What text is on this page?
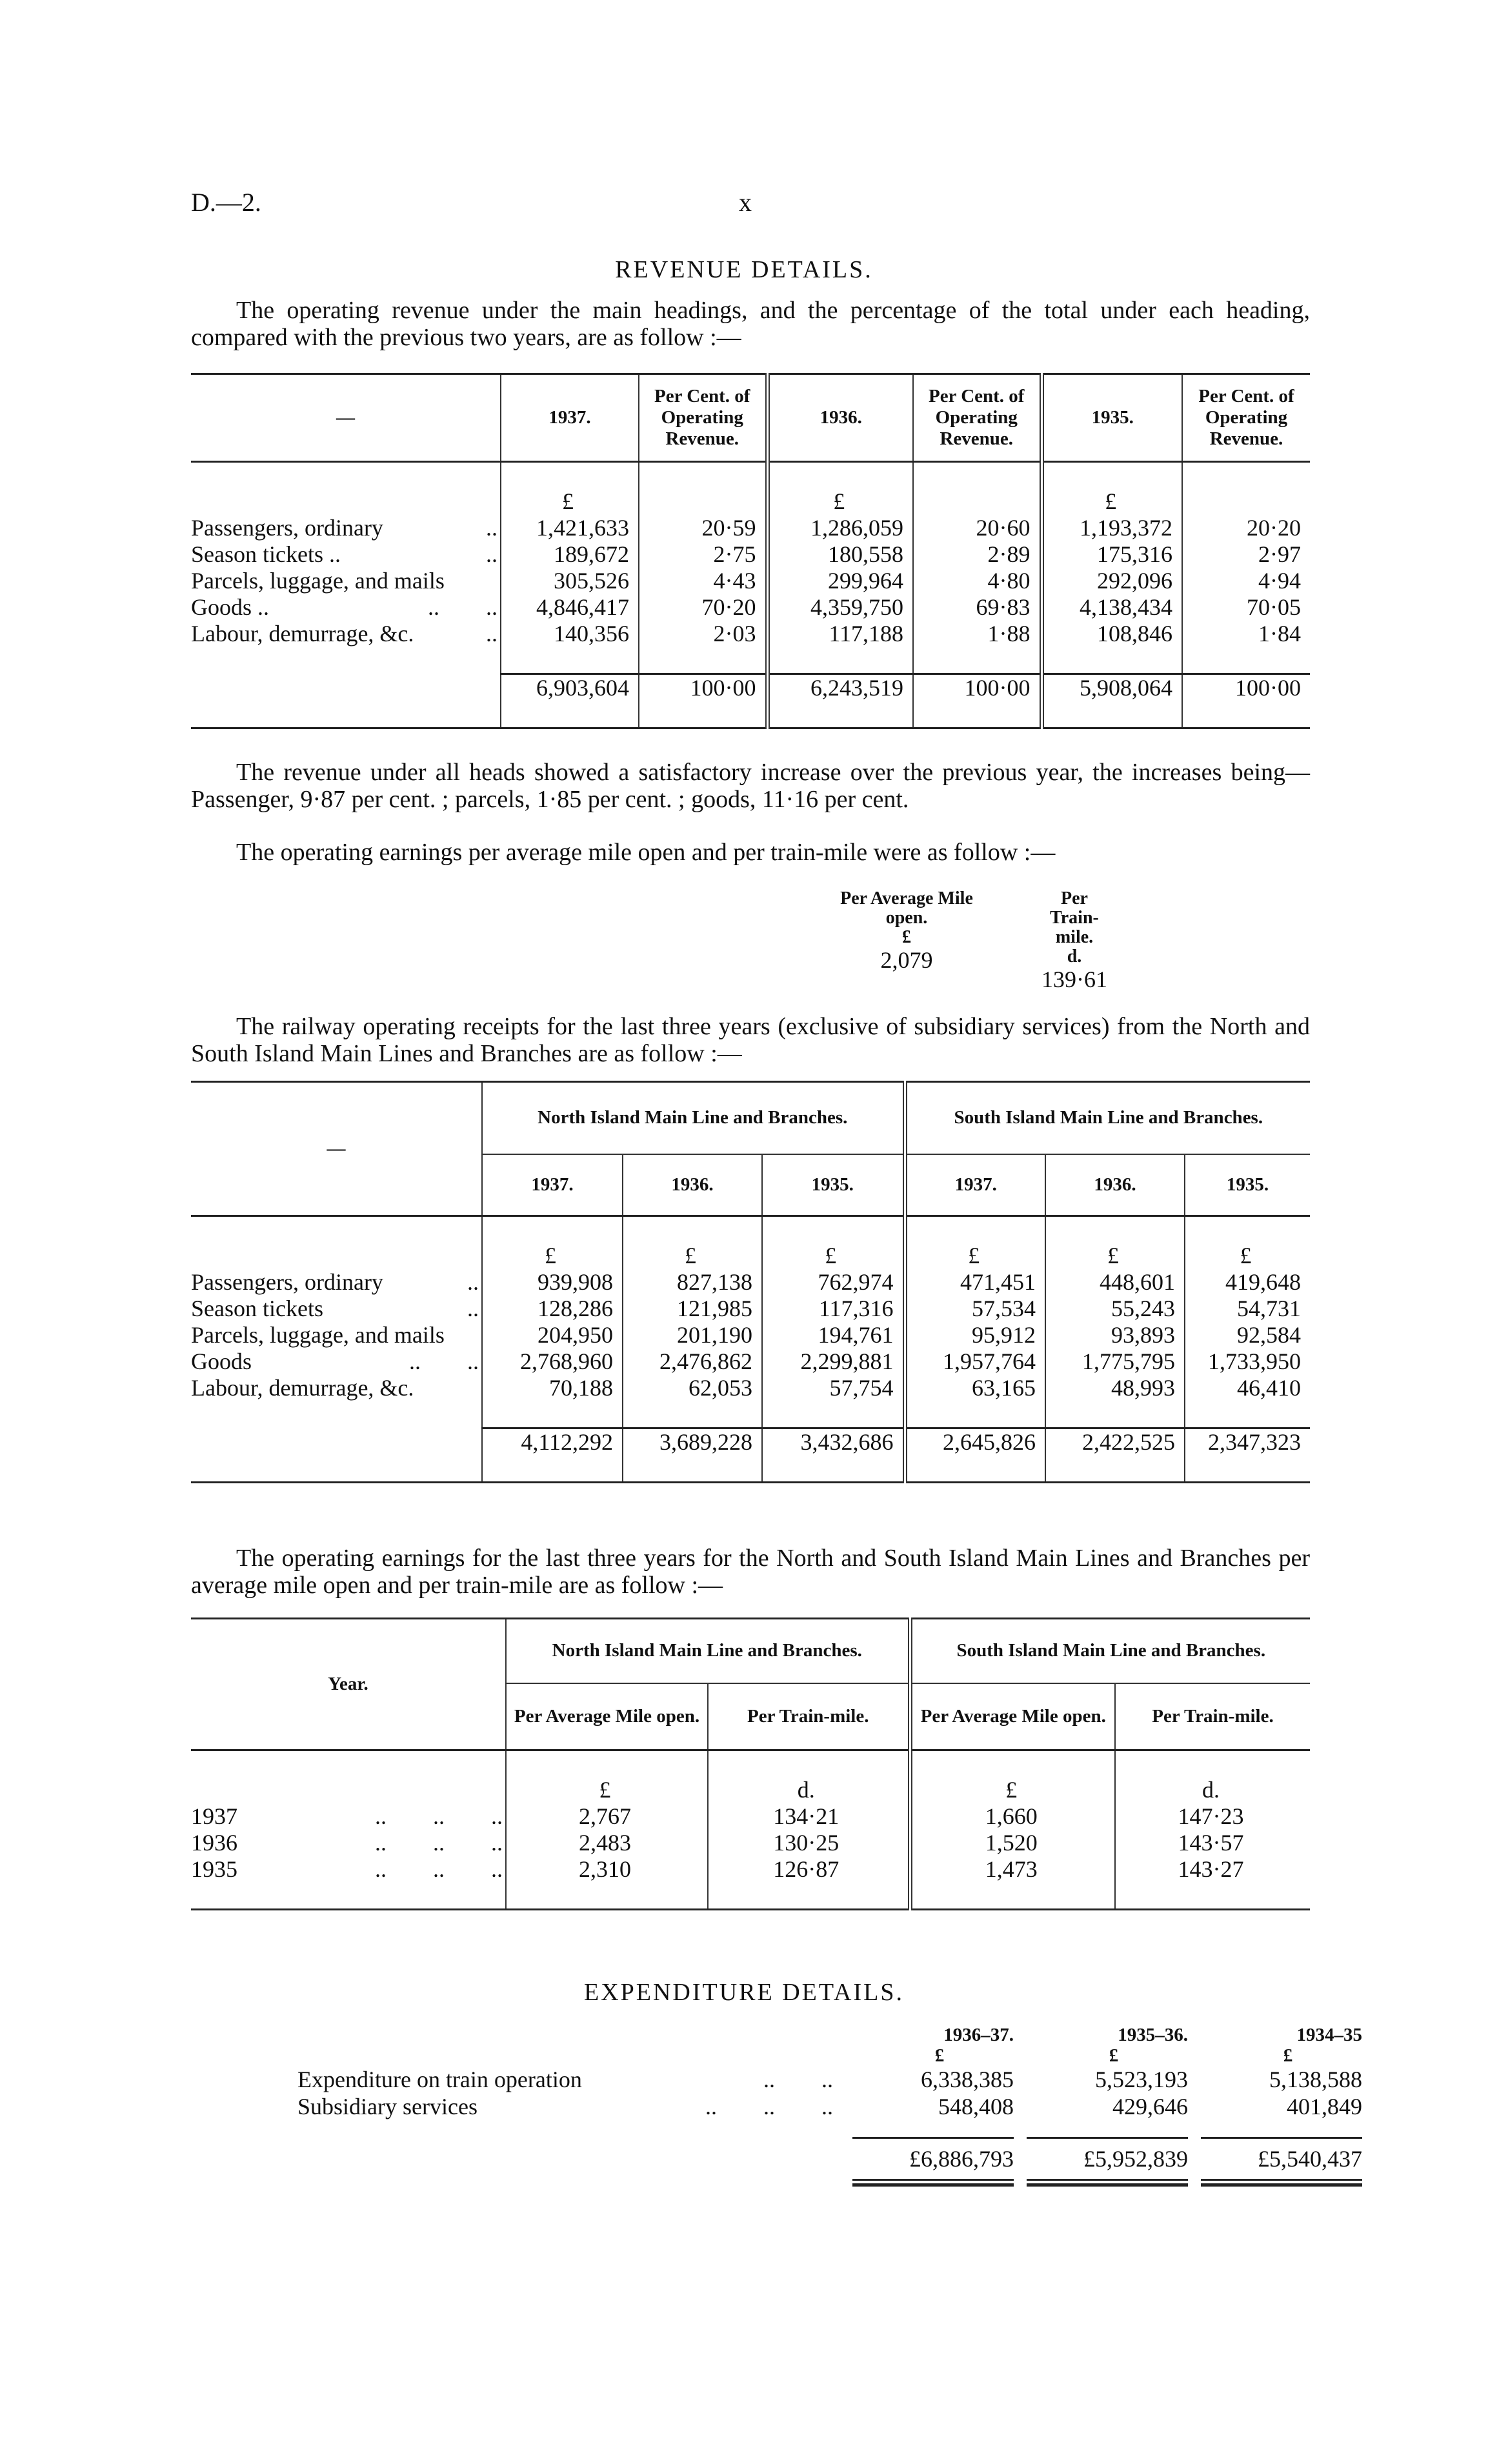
D.—2.	x
REVENUE DETAILS.
The operating revenue under the main headings, and the percentage of the total under each heading, compared with the previous two years, are as follow :—
—	1937.	Per Cent. of Operating Revenue.	1936.	Per Cent. of Operating Revenue.	1935.	Per Cent. of Operating Revenue.

	£		£		£	

Passengers, ordinary ..	1,421,633	20·59	1,286,059	20·60	1,193,372	20·20

Season tickets .. ..	189,672	2·75	180,558	2·89	175,316	2·97

Parcels, luggage, and mails	305,526	4·43	299,964	4·80	292,096	4·94

Goods .. ..        ..	4,846,417	70·20	4,359,750	69·83	4,138,434	70·05

Labour, demurrage, &c. ..	140,356	2·03	117,188	1·88	108,846	1·84

	6,903,604	100·00	6,243,519	100·00	5,908,064	100·00

The revenue under all heads showed a satisfactory increase over the previous year, the increases being—Passenger, 9·87 per cent. ; parcels, 1·85 per cent. ; goods, 11·16 per cent.
The operating earnings per average mile open and per train-mile were as follow :—
Per Average Mile open.
£
2,079
Per Train-mile.
d.
139·61
The railway operating receipts for the last three years (exclusive of subsidiary services) from the North and South Island Main Lines and Branches are as follow :—
—	North Island Main Line and Branches.			South Island Main Line and Branches.		
	1937.	1936.	1935.	1937.	1936.	1935.

	£	£	£	£	£	£

Passengers, ordinary ..	939,908	827,138	762,974	471,451	448,601	419,648

Season tickets ..	128,286	121,985	117,316	57,534	55,243	54,731

Parcels, luggage, and mails	204,950	201,190	194,761	95,912	93,893	92,584

Goods ..        ..	2,768,960	2,476,862	2,299,881	1,957,764	1,775,795	1,733,950

Labour, demurrage, &c.	70,188	62,053	57,754	63,165	48,993	46,410

	4,112,292	3,689,228	3,432,686	2,645,826	2,422,525	2,347,323

The operating earnings for the last three years for the North and South Island Main Lines and Branches per average mile open and per train-mile are as follow :—
Year.	North Island Main Line and Branches.		South Island Main Line and Branches.	
	Per Average Mile open.	Per Train-mile.	Per Average Mile open.	Per Train-mile.

	£	d.	£	d.

1937 ..        ..        ..	2,767	134·21	1,660	147·23

1936 ..        ..        ..	2,483	130·25	1,520	143·57

1935 ..        ..        ..	2,310	126·87	1,473	143·27

EXPENDITURE DETAILS.
	1936–37.	1935–36.	1934–35
	£	£	£

Expenditure on train operation ..        ..	6,338,385	5,523,193	5,138,588

Subsidiary services ..        ..        ..	548,408	429,646	401,849

	£6,886,793	£5,952,839	£5,540,437
